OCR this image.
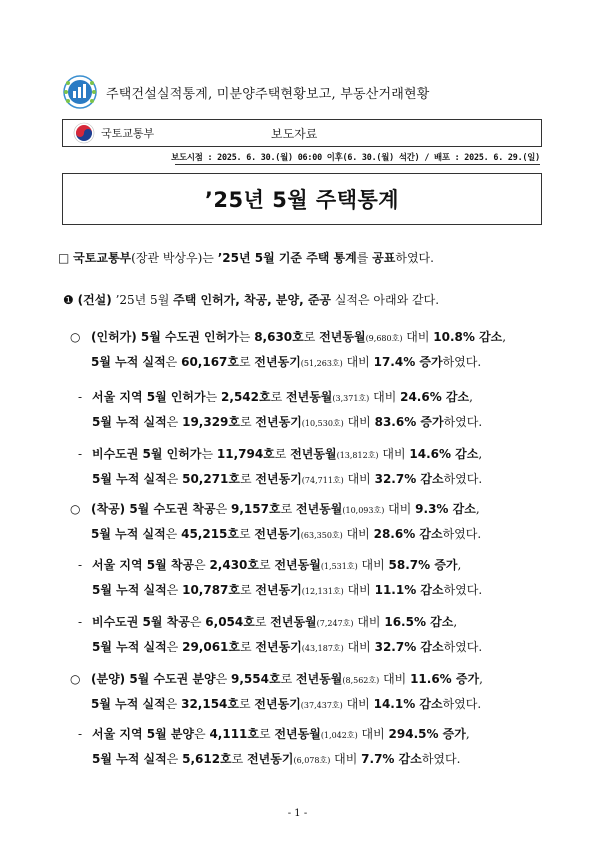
주택건설실적통계, 미분양주택현황보고, 부동산거래현황
국토교통부	보도자료
보도시점 : 2025. 6. 30.(월) 06:00 이후(6. 30.(월) 석간) / 배포 : 2025. 6. 29.(일)
’25년 5월 주택통계
□ 국토교통부(장관 박상우)는 ’25년 5월 기준 주택 통계를 공표하였다.
❶ (건설) ’25년 5월 주택 인허가, 착공, 분양, 준공 실적은 아래와 같다.
○ (인허가) 5월 수도권 인허가는 8,630호로 전년동월(9,680호) 대비 10.8% 감소,
5월 누적 실적은 60,167호로 전년동기(51,263호) 대비 17.4% 증가하였다.
- 서울 지역 5월 인허가는 2,542호로 전년동월(3,371호) 대비 24.6% 감소,
5월 누적 실적은 19,329호로 전년동기(10,530호) 대비 83.6% 증가하였다.
- 비수도권 5월 인허가는 11,794호로 전년동월(13,812호) 대비 14.6% 감소,
5월 누적 실적은 50,271호로 전년동기(74,711호) 대비 32.7% 감소하였다.
○ (착공) 5월 수도권 착공은 9,157호로 전년동월(10,093호) 대비 9.3% 감소,
5월 누적 실적은 45,215호로 전년동기(63,350호) 대비 28.6% 감소하였다.
- 서울 지역 5월 착공은 2,430호로 전년동월(1,531호) 대비 58.7% 증가,
5월 누적 실적은 10,787호로 전년동기(12,131호) 대비 11.1% 감소하였다.
- 비수도권 5월 착공은 6,054호로 전년동월(7,247호) 대비 16.5% 감소,
5월 누적 실적은 29,061호로 전년동기(43,187호) 대비 32.7% 감소하였다.
○ (분양) 5월 수도권 분양은 9,554호로 전년동월(8,562호) 대비 11.6% 증가,
5월 누적 실적은 32,154호로 전년동기(37,437호) 대비 14.1% 감소하였다.
- 서울 지역 5월 분양은 4,111호로 전년동월(1,042호) 대비 294.5% 증가,
5월 누적 실적은 5,612호로 전년동기(6,078호) 대비 7.7% 감소하였다.
- 1 -
